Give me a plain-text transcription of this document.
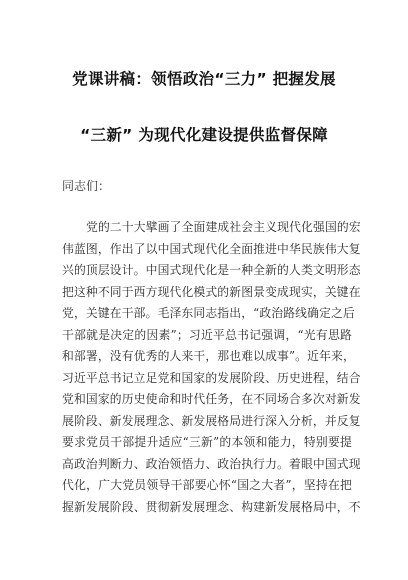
党课讲稿：领悟政治“三力” 把握发展
“三新” 为现代化建设提供监督保障
同志们：
党的二十大擘画了全面建成社会主义现代化强国的宏
伟蓝图，作出了以中国式现代化全面推进中华民族伟大复
兴的顶层设计。中国式现代化是一种全新的人类文明形态
把这种不同于西方现代化模式的新图景变成现实，关键在
党，关键在干部。毛泽东同志指出，“政治路线确定之后
干部就是决定的因素”；习近平总书记强调，“光有思路
和部署，没有优秀的人来干，那也难以成事”。近年来，
习近平总书记立足党和国家的发展阶段、历史进程，结合
党和国家的历史使命和时代任务，在不同场合多次对新发
展阶段、新发展理念、新发展格局进行深入分析，并反复
要求党员干部提升适应“三新”的本领和能力，特别要提
高政治判断力、政治领悟力、政治执行力。着眼中国式现
代化，广大党员领导干部要心怀“国之大者”，坚持在把
握新发展阶段、贯彻新发展理念、构建新发展格局中，不
